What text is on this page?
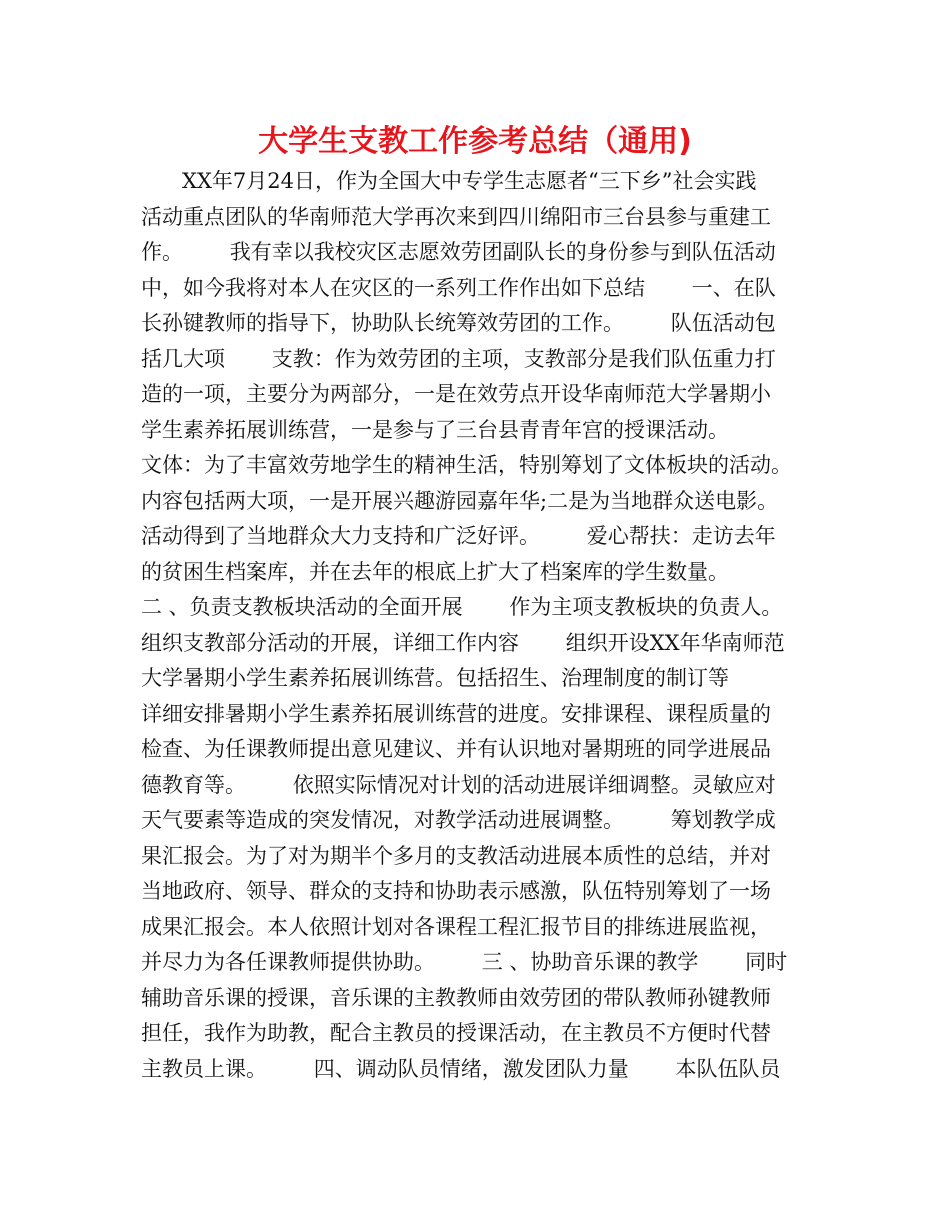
大学生支教工作参考总结（通用)
XX年7月24日，作为全国大中专学生志愿者“三下乡”社会实践
活动重点团队的华南师范大学再次来到四川绵阳市三台县参与重建工
作。       我有幸以我校灾区志愿效劳团副队长的身份参与到队伍活动
中，如今我将对本人在灾区的一系列工作作出如下总结       一、在队
长孙键教师的指导下，协助队长统筹效劳团的工作。       队伍活动包
括几大项       支教：作为效劳团的主项，支教部分是我们队伍重力打
造的一项，主要分为两部分，一是在效劳点开设华南师范大学暑期小
学生素养拓展训练营，一是参与了三台县青青年宫的授课活动。
文体：为了丰富效劳地学生的精神生活，特别筹划了文体板块的活动。
内容包括两大项，一是开展兴趣游园嘉年华;二是为当地群众送电影。
活动得到了当地群众大力支持和广泛好评。       爱心帮扶：走访去年
的贫困生档案库，并在去年的根底上扩大了档案库的学生数量。
二 、负责支教板块活动的全面开展       作为主项支教板块的负责人。
组织支教部分活动的开展，详细工作内容       组织开设XX年华南师范
大学暑期小学生素养拓展训练营。包括招生、治理制度的制订等
详细安排暑期小学生素养拓展训练营的进度。安排课程、课程质量的
检查、为任课教师提出意见建议、并有认识地对暑期班的同学进展品
德教育等。       依照实际情况对计划的活动进展详细调整。灵敏应对
天气要素等造成的突发情况，对教学活动进展调整。       筹划教学成
果汇报会。为了对为期半个多月的支教活动进展本质性的总结，并对
当地政府、领导、群众的支持和协助表示感激，队伍特别筹划了一场
成果汇报会。本人依照计划对各课程工程汇报节目的排练进展监视，
并尽力为各任课教师提供协助。       三 、协助音乐课的教学       同时
辅助音乐课的授课，音乐课的主教教师由效劳团的带队教师孙键教师
担任，我作为助教，配合主教员的授课活动，在主教员不方便时代替
主教员上课。       四、调动队员情绪，激发团队力量       本队伍队员
